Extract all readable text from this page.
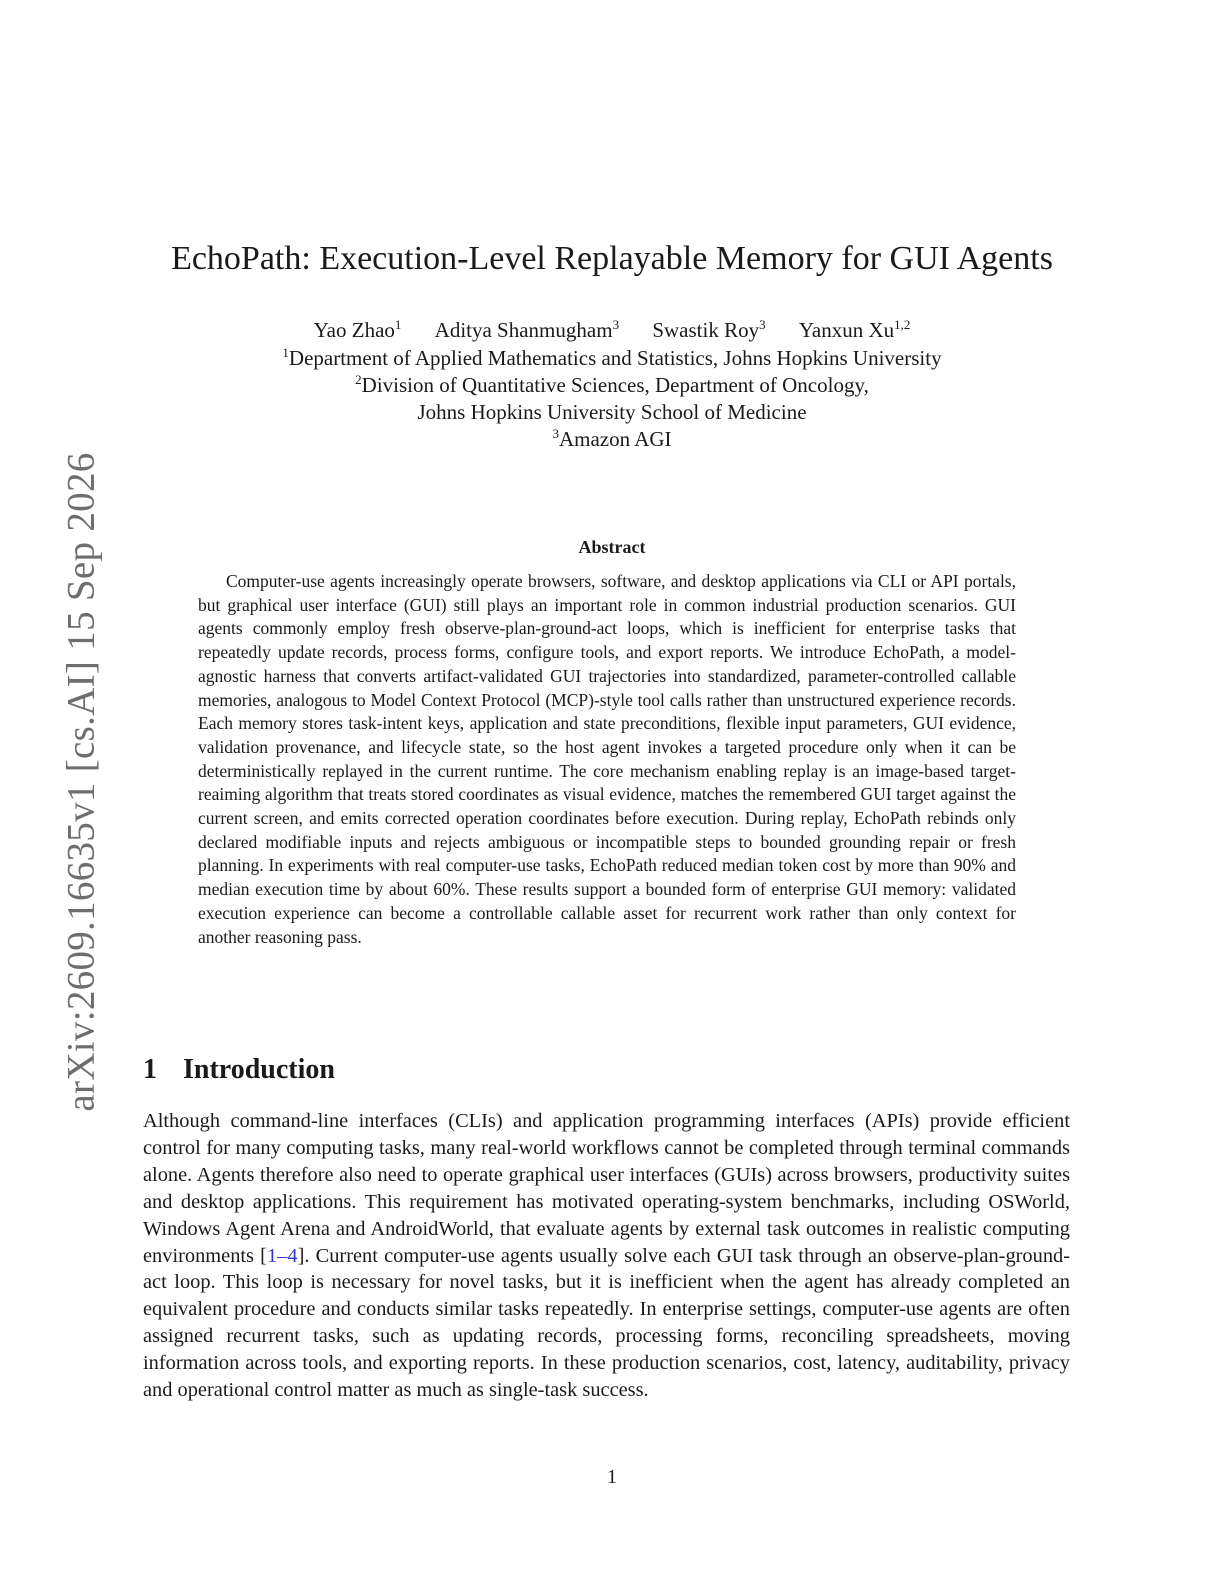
arXiv:2609.16635v1 [cs.AI] 15 Sep 2026
EchoPath: Execution-Level Replayable Memory for GUI Agents
Yao Zhao$^1$ Aditya Shanmugham$^3$ Swastik Roy$^3$ Yanxun Xu$^{1,2}$
$^1$Department of Applied Mathematics and Statistics, Johns Hopkins University
$^2$Division of Quantitative Sciences, Department of Oncology,
Johns Hopkins University School of Medicine
$^3$Amazon AGI
Abstract

Computer-use agents increasingly operate browsers, software, and desktop applications via CLI or API portals, but graphical user interface (GUI) still plays an important role in common industrial production scenarios. GUI agents commonly employ fresh observe-plan-ground-act loops, which is inefficient for enterprise tasks that repeatedly update records, process forms, configure tools, and export reports. We introduce EchoPath, a model-agnostic harness that converts artifact-validated GUI trajectories into standardized, parameter-controlled callable memories, analogous to Model Context Protocol (MCP)-style tool calls rather than unstructured experience records. Each memory stores task-intent keys, application and state preconditions, flexible input parameters, GUI evidence, validation provenance, and lifecycle state, so the host agent invokes a targeted procedure only when it can be deterministically replayed in the current runtime. The core mechanism enabling replay is an image-based target-reaiming algorithm that treats stored coordinates as visual evidence, matches the remembered GUI target against the current screen, and emits corrected operation coordinates before execution. During replay, EchoPath rebinds only declared modifiable inputs and rejects ambiguous or incompatible steps to bounded grounding repair or fresh planning. In experiments with real computer-use tasks, EchoPath reduced median token cost by more than 90% and median execution time by about 60%. These results support a bounded form of enterprise GUI memory: validated execution experience can become a controllable callable asset for recurrent work rather than only context for another reasoning pass.

1 Introduction

Although command-line interfaces (CLIs) and application programming interfaces (APIs) provide efficient control for many computing tasks, many real-world workflows cannot be completed through terminal commands alone. Agents therefore also need to operate graphical user interfaces (GUIs) across browsers, productivity suites and desktop applications. This requirement has motivated operating-system benchmarks, including OSWorld, Windows Agent Arena and AndroidWorld, that evaluate agents by external task outcomes in realistic computing environments [1–4]. Current computer-use agents usually solve each GUI task through an observe-plan-ground-act loop. This loop is necessary for novel tasks, but it is inefficient when the agent has already completed an equivalent procedure and conducts similar tasks repeatedly. In enterprise settings, computer-use agents are often assigned recurrent tasks, such as updating records, processing forms, reconciling spreadsheets, moving information across tools, and exporting reports. In these production scenarios, cost, latency, auditability, privacy and operational control matter as much as single-task success.

1
